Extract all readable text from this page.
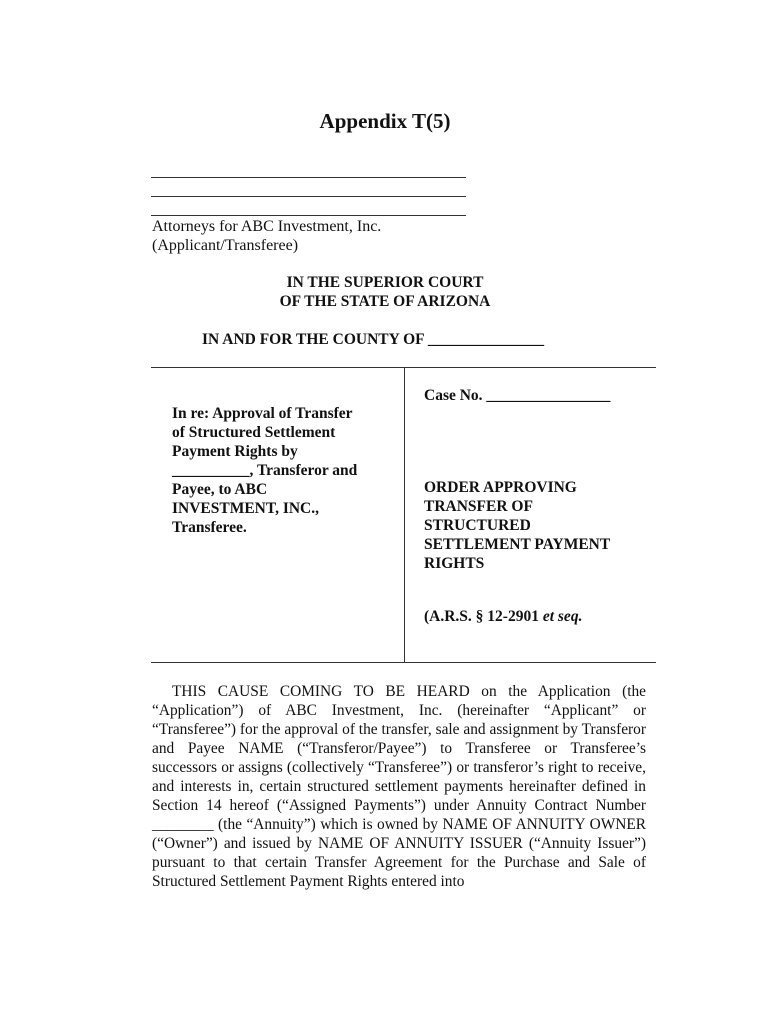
Appendix T(5)
Attorneys for ABC Investment, Inc.
(Applicant/Transferee)
IN THE SUPERIOR COURT
OF THE STATE OF ARIZONA
IN AND FOR THE COUNTY OF _______________
In re: Approval of Transfer
of Structured Settlement
Payment Rights by
__________, Transferor and
Payee, to ABC
INVESTMENT, INC.,
Transferee.
Case No. ________________
ORDER APPROVING
TRANSFER OF
STRUCTURED
SETTLEMENT PAYMENT
RIGHTS
(A.R.S. § 12-2901 et seq.
THIS CAUSE COMING TO BE HEARD on the Application (the “Application”) of ABC Investment, Inc. (hereinafter “Applicant” or “Transferee”) for the approval of the transfer, sale and assignment by Transferor and Payee NAME (“Transferor/Payee”) to Transferee or Transferee’s successors or assigns (collectively “Transferee”) or transferor’s right to receive, and interests in, certain structured settlement payments hereinafter defined in Section 14 hereof (“Assigned Payments”) under Annuity Contract Number ________ (the “Annuity”) which is owned by NAME OF ANNUITY OWNER (“Owner”) and issued by NAME OF ANNUITY ISSUER (“Annuity Issuer”) pursuant to that certain Transfer Agreement for the Purchase and Sale of Structured Settlement Payment Rights entered into
